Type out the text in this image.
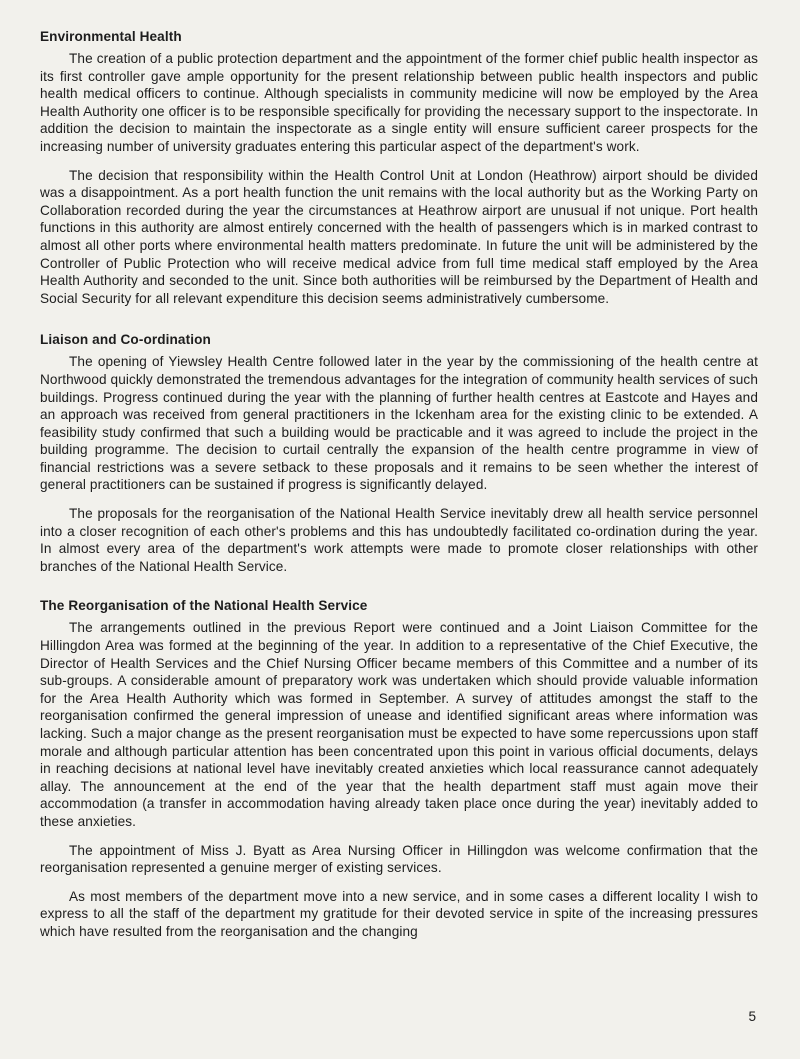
Environmental Health

The creation of a public protection department and the appointment of the former chief public health inspector as its first controller gave ample opportunity for the present relationship between public health inspectors and public health medical officers to continue. Although specialists in community medicine will now be employed by the Area Health Authority one officer is to be responsible specifically for providing the necessary support to the inspectorate. In addition the decision to maintain the inspectorate as a single entity will ensure sufficient career prospects for the increasing number of university graduates entering this particular aspect of the department's work.

The decision that responsibility within the Health Control Unit at London (Heathrow) airport should be divided was a disappointment. As a port health function the unit remains with the local authority but as the Working Party on Collaboration recorded during the year the circumstances at Heathrow airport are unusual if not unique. Port health functions in this authority are almost entirely concerned with the health of passengers which is in marked contrast to almost all other ports where environmental health matters predominate. In future the unit will be administered by the Controller of Public Protection who will receive medical advice from full time medical staff employed by the Area Health Authority and seconded to the unit. Since both authorities will be reimbursed by the Department of Health and Social Security for all relevant expenditure this decision seems administratively cumbersome.

Liaison and Co-ordination

The opening of Yiewsley Health Centre followed later in the year by the commissioning of the health centre at Northwood quickly demonstrated the tremendous advantages for the integration of community health services of such buildings. Progress continued during the year with the planning of further health centres at Eastcote and Hayes and an approach was received from general practitioners in the Ickenham area for the existing clinic to be extended. A feasibility study confirmed that such a building would be practicable and it was agreed to include the project in the building programme. The decision to curtail centrally the expansion of the health centre programme in view of financial restrictions was a severe setback to these proposals and it remains to be seen whether the interest of general practitioners can be sustained if progress is significantly delayed.

The proposals for the reorganisation of the National Health Service inevitably drew all health service personnel into a closer recognition of each other's problems and this has undoubtedly facilitated co-ordination during the year. In almost every area of the department's work attempts were made to promote closer relationships with other branches of the National Health Service.

The Reorganisation of the National Health Service

The arrangements outlined in the previous Report were continued and a Joint Liaison Committee for the Hillingdon Area was formed at the beginning of the year. In addition to a representative of the Chief Executive, the Director of Health Services and the Chief Nursing Officer became members of this Committee and a number of its sub-groups. A considerable amount of preparatory work was undertaken which should provide valuable information for the Area Health Authority which was formed in September. A survey of attitudes amongst the staff to the reorganisation confirmed the general impression of unease and identified significant areas where information was lacking. Such a major change as the present reorganisation must be expected to have some repercussions upon staff morale and although particular attention has been concentrated upon this point in various official documents, delays in reaching decisions at national level have inevitably created anxieties which local reassurance cannot adequately allay. The announcement at the end of the year that the health department staff must again move their accommodation (a transfer in accommodation having already taken place once during the year) inevitably added to these anxieties.

The appointment of Miss J. Byatt as Area Nursing Officer in Hillingdon was welcome confirmation that the reorganisation represented a genuine merger of existing services.

As most members of the department move into a new service, and in some cases a different locality I wish to express to all the staff of the department my gratitude for their devoted service in spite of the increasing pressures which have resulted from the reorganisation and the changing

5
